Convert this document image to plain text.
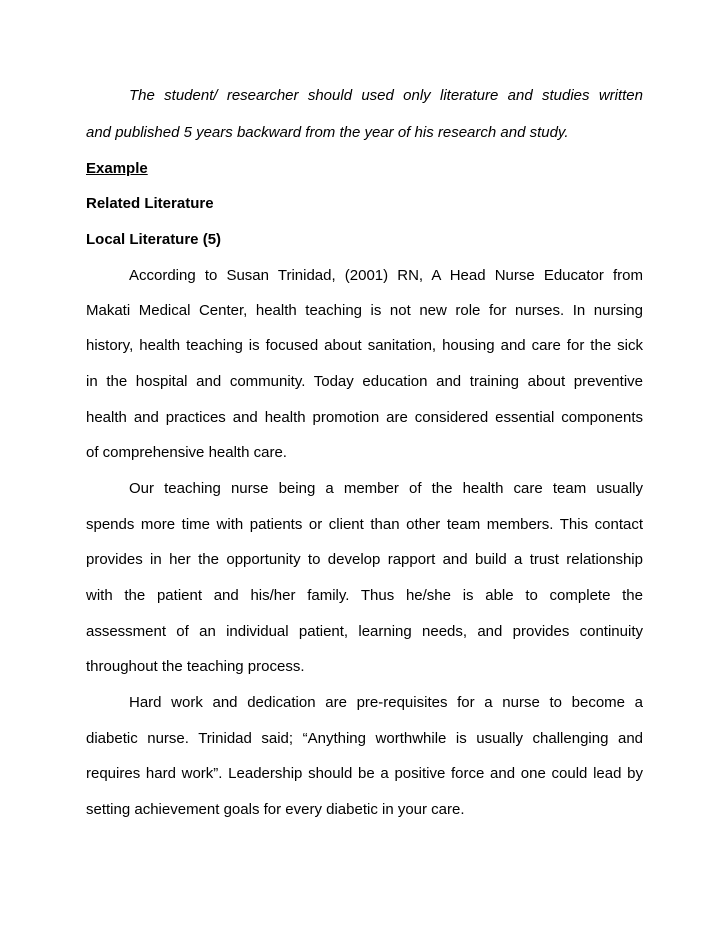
The student/ researcher should used only literature and studies written
and published 5 years backward from the year of his research and study.
Example
Related Literature
Local Literature (5)
According to Susan Trinidad, (2001) RN, A Head Nurse Educator from
Makati Medical Center, health teaching is not new role for nurses. In nursing
history, health teaching is focused about sanitation, housing and care for the sick
in the hospital and community. Today education and training about preventive
health and practices and health promotion are considered essential components
of comprehensive health care.
Our teaching nurse being a member of the health care team usually
spends more time with patients or client than other team members. This contact
provides in her the opportunity to develop rapport and build a trust relationship
with the patient and his/her family. Thus he/she is able to complete the
assessment of an individual patient, learning needs, and provides continuity
throughout the teaching process.
Hard work and dedication are pre-requisites for a nurse to become a
diabetic nurse. Trinidad said; “Anything worthwhile is usually challenging and
requires hard work”. Leadership should be a positive force and one could lead by
setting achievement goals for every diabetic in your care.
